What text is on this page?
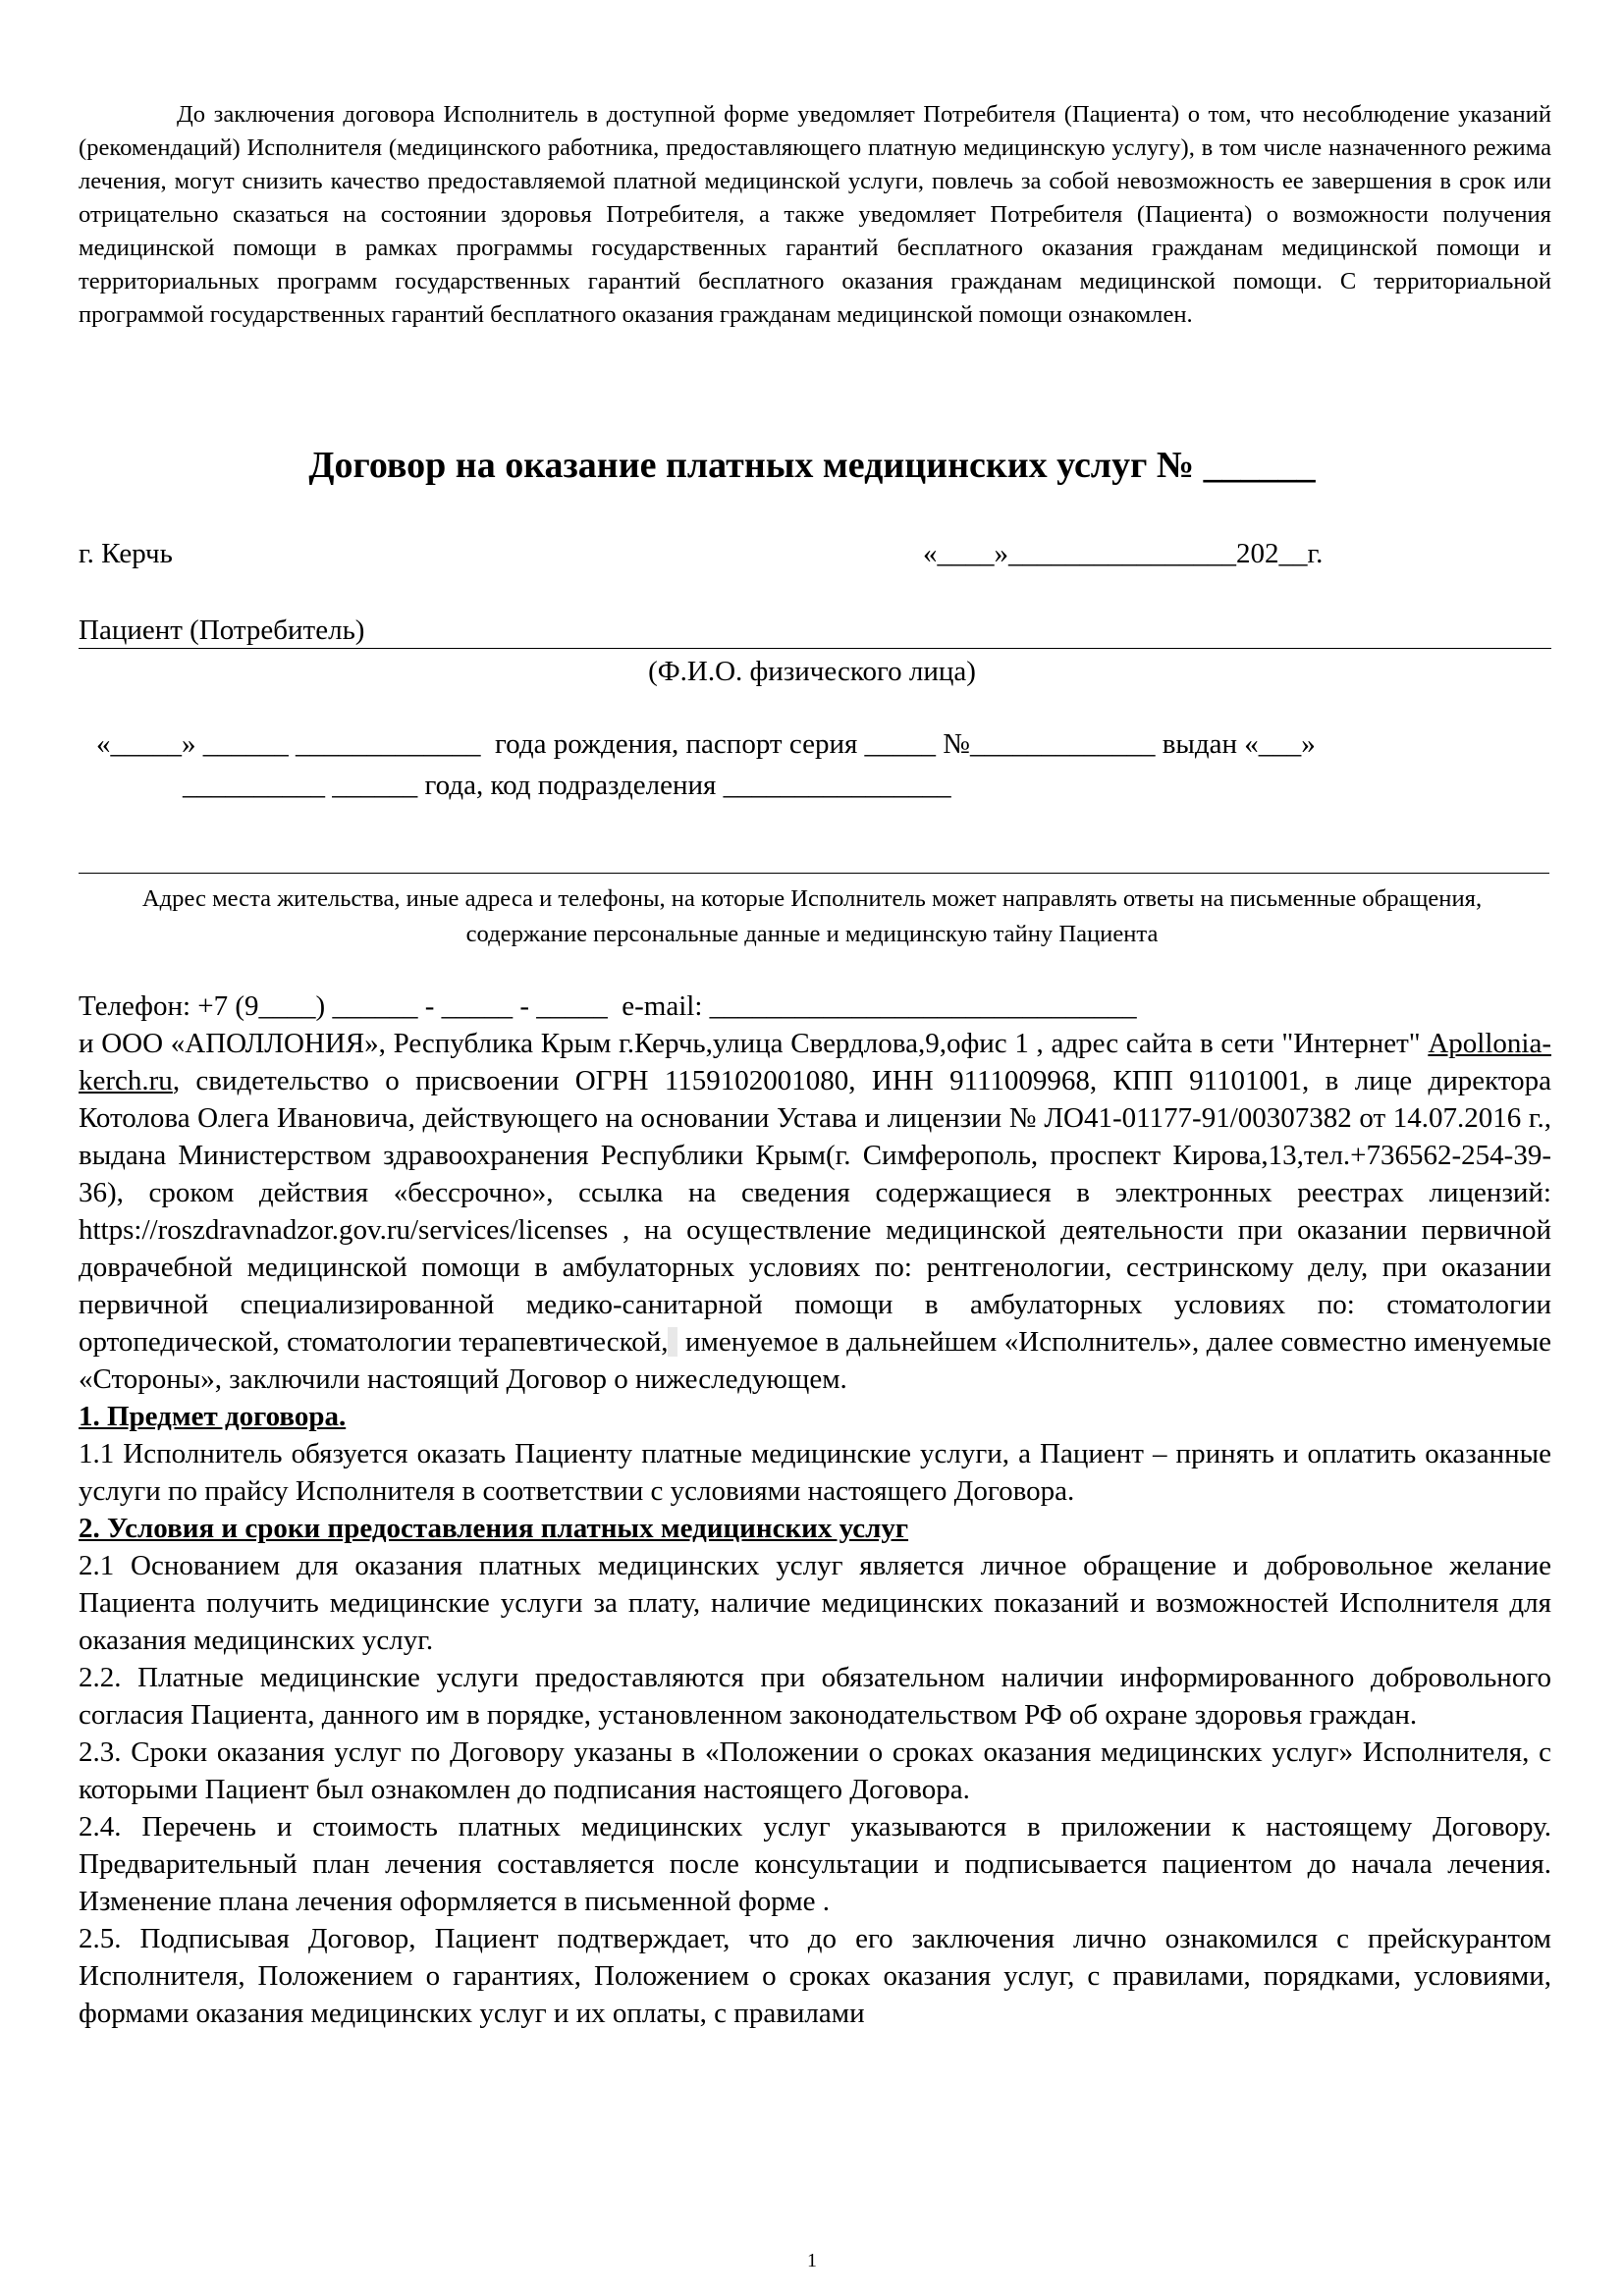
До заключения договора Исполнитель в доступной форме уведомляет Потребителя (Пациента) о том, что несоблюдение указаний (рекомендаций) Исполнителя (медицинского работника, предоставляющего платную медицинскую услугу), в том числе назначенного режима лечения, могут снизить качество предоставляемой платной медицинской услуги, повлечь за собой невозможность ее завершения в срок или отрицательно сказаться на состоянии здоровья Потребителя, а также уведомляет Потребителя (Пациента) о возможности получения медицинской помощи в рамках программы государственных гарантий бесплатного оказания гражданам медицинской помощи и территориальных программ государственных гарантий бесплатного оказания гражданам медицинской помощи. С территориальной программой государственных гарантий бесплатного оказания гражданам медицинской помощи ознакомлен.
Договор на оказание платных медицинских услуг № ______
г. Керчь	«____»________________202__г.
Пациент (Потребитель)
(Ф.И.О. физического лица)
«_____» ______ _____________  года рождения, паспорт серия _____ №_____________ выдан «___»
__________ ______ года, код подразделения ________________
Адрес места жительства, иные адреса и телефоны, на которые Исполнитель может направлять ответы на письменные обращения, содержание персональные данные и медицинскую тайну Пациента

Телефон: +7 (9____) ______ - _____ - _____  e-mail: ______________________________

и ООО «АПОЛЛОНИЯ», Республика Крым г.Керчь,улица Свердлова,9,офис 1 , адрес сайта в сети "Интернет" Apollonia-kerch.ru, свидетельство о присвоении ОГРН 1159102001080, ИНН 9111009968, КПП 91101001, в лице директора Котолова Олега Ивановича, действующего на основании Устава и лицензии № ЛО41-01177-91/00307382 от 14.07.2016 г., выдана Министерством здравоохранения Республики Крым(г. Симферополь, проспект Кирова,13,тел.+736562-254-39-36), сроком действия «бессрочно», ссылка на сведения содержащиеся в электронных реестрах лицензий: https://roszdravnadzor.gov.ru/services/licenses , на осуществление медицинской деятельности при оказании первичной доврачебной медицинской помощи в амбулаторных условиях по: рентгенологии, сестринскому делу, при оказании первичной специализированной медико-санитарной помощи в амбулаторных условиях по: стоматологии ортопедической, стоматологии терапевтической, именуемое в дальнейшем «Исполнитель», далее совместно именуемые «Стороны», заключили настоящий Договор о нижеследующем.

1. Предмет договора.

1.1 Исполнитель обязуется оказать Пациенту платные медицинские услуги, а Пациент – принять и оплатить оказанные услуги по прайсу Исполнителя в соответствии с условиями настоящего Договора.

2. Условия и сроки предоставления платных медицинских услуг

2.1 Основанием для оказания платных медицинских услуг является личное обращение и добровольное желание Пациента получить медицинские услуги за плату, наличие медицинских показаний и возможностей Исполнителя для оказания медицинских услуг.

2.2. Платные медицинские услуги предоставляются при обязательном наличии информированного добровольного согласия Пациента, данного им в порядке, установленном законодательством РФ об охране здоровья граждан.

2.3. Сроки оказания услуг по Договору указаны в «Положении о сроках оказания медицинских услуг» Исполнителя, с которыми Пациент был ознакомлен до подписания настоящего Договора.

2.4. Перечень и стоимость платных медицинских услуг указываются в приложении к настоящему Договору. Предварительный план лечения составляется после консультации и подписывается пациентом до начала лечения. Изменение плана лечения оформляется в письменной форме .

2.5. Подписывая Договор, Пациент подтверждает, что до его заключения лично ознакомился с прейскурантом Исполнителя, Положением о гарантиях, Положением о сроках оказания услуг, с правилами, порядками, условиями, формами оказания медицинских услуг и их оплаты, с правилами

1
